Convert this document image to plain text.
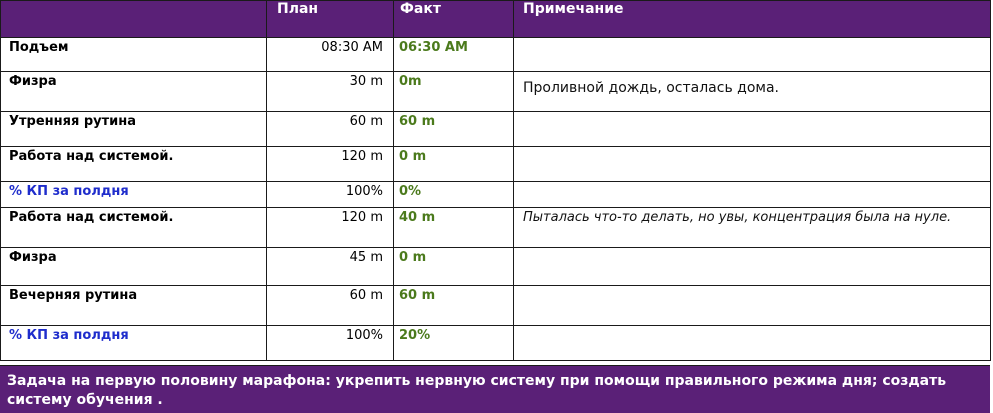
	План	Факт	Примечание

Подъем	08:30 AM	06:30 AM	

Физра	30 m	0m	Проливной дождь, осталась дома.

Утренняя рутина	60 m	60 m	

Работа над системой.	120 m	0 m	

% КП за полдня	100%	0%	

Работа над системой.	120 m	40 m	Пыталась что-то делать, но увы, концентрация была на нуле.

Физра	45 m	0 m	

Вечерняя рутина	60 m	60 m	

% КП за полдня	100%	20%	

Задача на первую половину марафона: укрепить нервную систему при помощи правильного режима дня; создать систему обучения .
